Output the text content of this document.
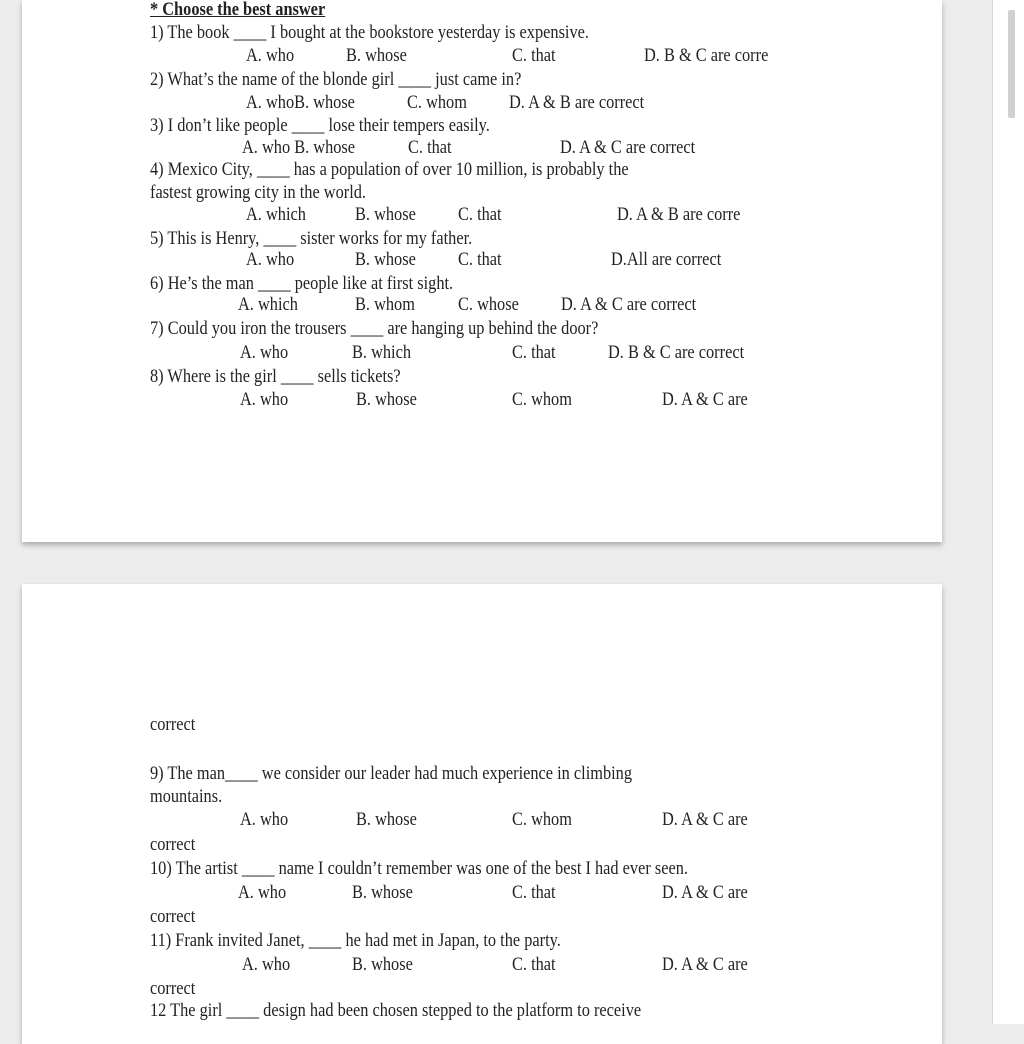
* Choose the best answer
1) The book ____ I bought at the bookstore yesterday is expensive.
A. who	B. whose	C. that	D. B & C are corre
2) What’s the name of the blonde girl ____ just came in?
A. whoB. whose	C. whom D. A & B are correct
3) I don’t like people ____ lose their tempers easily.
A. who B. whose	C. that	D. A & C are correct
4) Mexico City, ____ has a population of over 10 million, is probably the
fastest growing city in the world.
A. which	B. whose C. that	D. A & B are corre
5) This is Henry, ____ sister works for my father.
A. who	B. whose C. that	D.All are correct
6) He’s the man ____ people like at first sight.
A. which	B. whom C. whose D. A & C are correct
7) Could you iron the trousers ____ are hanging up behind the door?
A. who	B. which	C. that	D. B & C are correct
8) Where is the girl ____ sells tickets?
A. who	B. whose	C. whom	D. A & C are
correct
9) The man____ we consider our leader had much experience in climbing
mountains.
A. who	B. whose	C. whom	D. A & C are
correct
10) The artist ____ name I couldn’t remember was one of the best I had ever seen.
A. who	B. whose	C. that	D. A & C are
correct
11) Frank invited Janet, ____ he had met in Japan, to the party.
A. who	B. whose	C. that	D. A & C are
correct
12 The girl ____ design had been chosen stepped to the platform to receive
